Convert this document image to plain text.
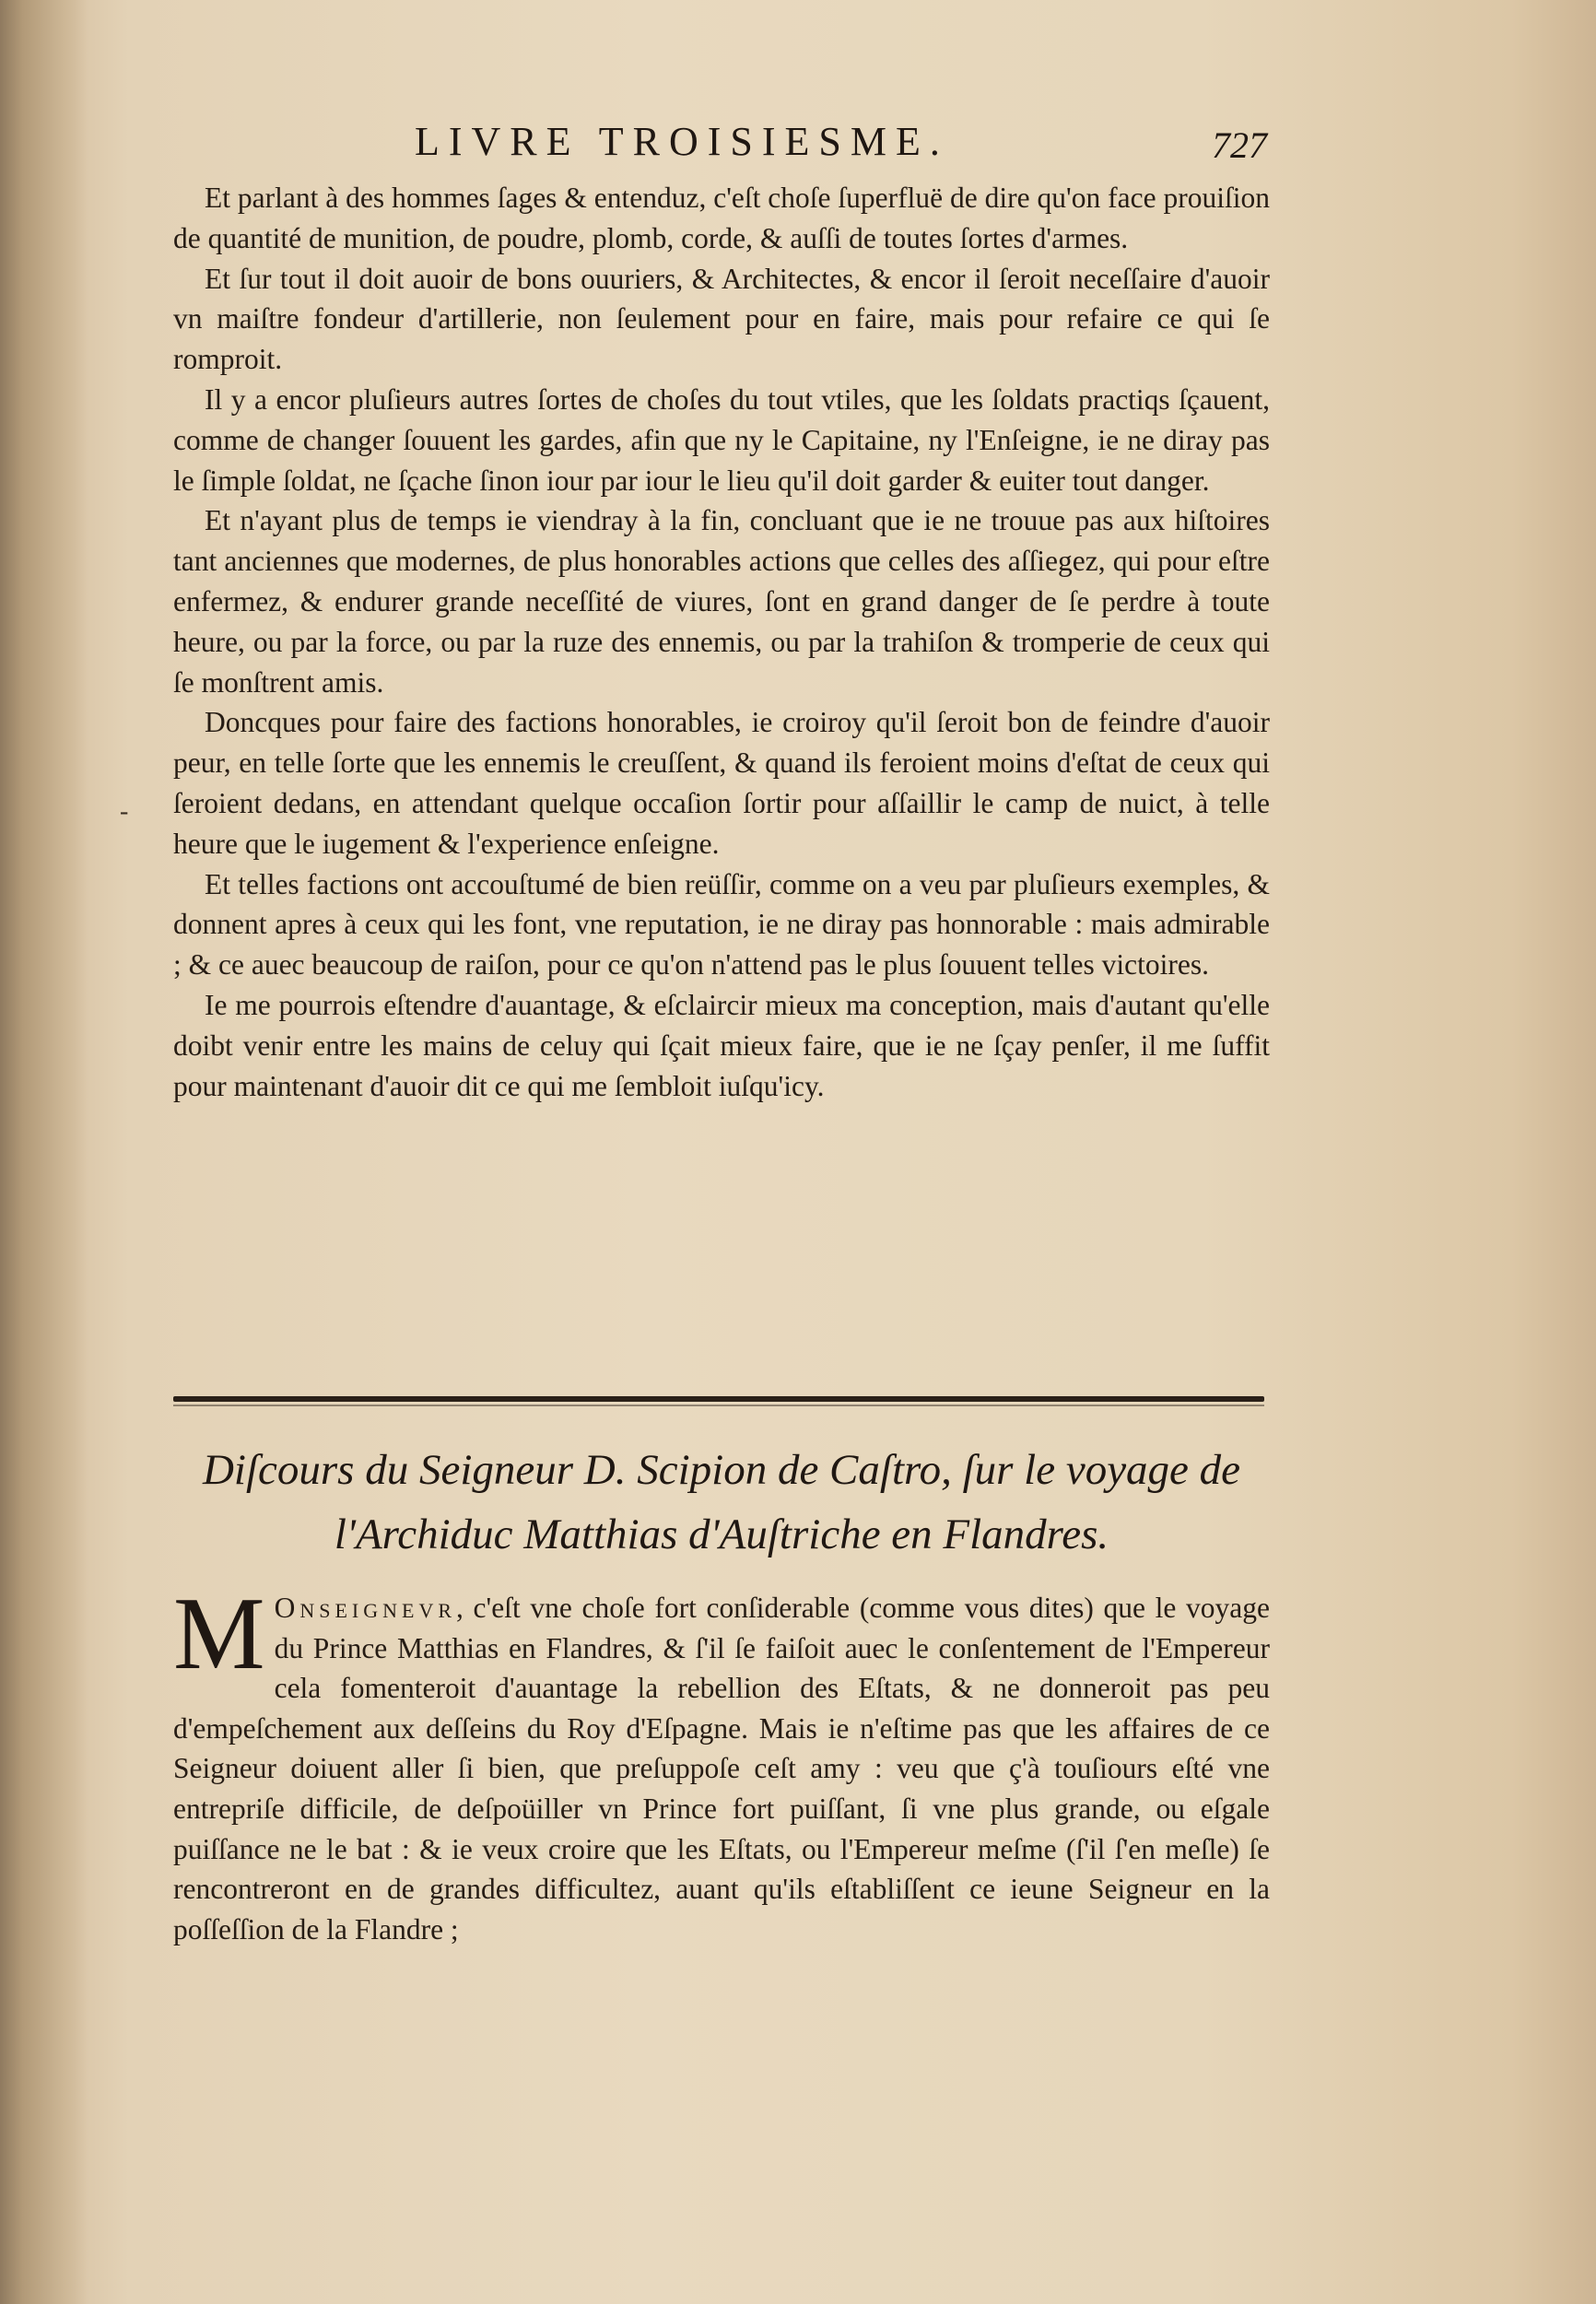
LIVRE TROISIESME.	727

Et parlant à des hommes ſages & entenduz, c'eſt choſe ſuperfluë de dire qu'on face prouiſion de quantité de munition, de poudre, plomb, corde, & auſſi de toutes ſortes d'armes.

Et ſur tout il doit auoir de bons ouuriers, & Architectes, & encor il ſeroit neceſſaire d'auoir vn maiſtre fondeur d'artillerie, non ſeulement pour en faire, mais pour refaire ce qui ſe romproit.

Il y a encor pluſieurs autres ſortes de choſes du tout vtiles, que les ſoldats practiqs ſçauent, comme de changer ſouuent les gardes, afin que ny le Capitaine, ny l'Enſeigne, ie ne diray pas le ſimple ſoldat, ne ſçache ſinon iour par iour le lieu qu'il doit garder & euiter tout danger.

Et n'ayant plus de temps ie viendray à la fin, concluant que ie ne trouue pas aux hiſtoires tant anciennes que modernes, de plus honorables actions que celles des aſſiegez, qui pour eſtre enfermez, & endurer grande neceſſité de viures, ſont en grand danger de ſe perdre à toute heure, ou par la force, ou par la ruze des ennemis, ou par la trahiſon & tromperie de ceux qui ſe monſtrent amis.

Doncques pour faire des factions honorables, ie croiroy qu'il ſeroit bon de feindre d'auoir peur, en telle ſorte que les ennemis le creuſſent, & quand ils feroient moins d'eſtat de ceux qui ſeroient dedans, en attendant quelque occaſion ſortir pour aſſaillir le camp de nuict, à telle heure que le iugement & l'experience enſeigne.

Et telles factions ont accouſtumé de bien reüſſir, comme on a veu par pluſieurs exemples, & donnent apres à ceux qui les font, vne reputation, ie ne diray pas honnorable : mais admirable ; & ce auec beaucoup de raiſon, pour ce qu'on n'attend pas le plus ſouuent telles victoires.

Ie me pourrois eſtendre d'auantage, & eſclaircir mieux ma conception, mais d'autant qu'elle doibt venir entre les mains de celuy qui ſçait mieux faire, que ie ne ſçay penſer, il me ſuffit pour maintenant d'auoir dit ce qui me ſembloit iuſqu'icy.

-
Diſcours du Seigneur D. Scipion de Caſtro, ſur le voyage de
l'Archiduc Matthias d'Auſtriche en Flandres.
M Onseignevr, c'eſt vne choſe fort conſiderable (comme vous dites) que le voyage du Prince Matthias en Flandres, & ſ'il ſe faiſoit auec le conſentement de l'Empereur cela fomenteroit d'auantage la rebellion des Eſtats, & ne donneroit pas peu d'empeſchement aux deſſeins du Roy d'Eſpagne. Mais ie n'eſtime pas que les affaires de ce Seigneur doiuent aller ſi bien, que preſuppoſe ceſt amy : veu que ç'à touſiours eſté vne entrepriſe difficile, de deſpoüiller vn Prince fort puiſſant, ſi vne plus grande, ou eſgale puiſſance ne le bat : & ie veux croire que les Eſtats, ou l'Empereur meſme (ſ'il ſ'en meſle) ſe rencontreront en de grandes difficultez, auant qu'ils eſtabliſſent ce ieune Seigneur en la poſſeſſion de la Flandre ;
